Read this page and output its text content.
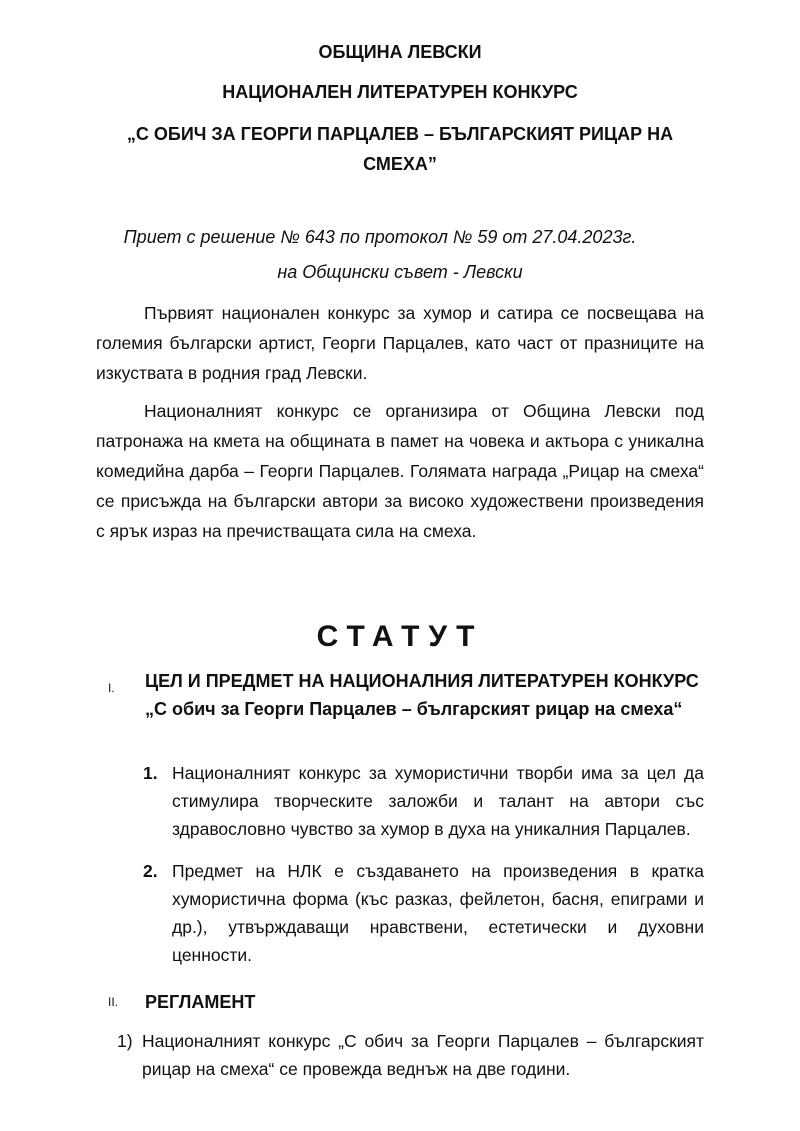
ОБЩИНА ЛЕВСКИ
НАЦИОНАЛЕН ЛИТЕРАТУРЕН КОНКУРС
„С ОБИЧ ЗА ГЕОРГИ ПАРЦАЛЕВ – БЪЛГАРСКИЯТ РИЦАР НА СМЕХА”
Приет с решение № 643 по протокол № 59 от 27.04.2023г.
на Общински съвет - Левски
Първият национален конкурс за хумор и сатира се посвещава на големия български артист, Георги Парцалев, като част от празниците на изкуствата в родния град Левски.
Националният конкурс се организира от Община Левски под патронажа на кмета на общината в памет на човека и актьора с уникална комедийна дарба – Георги Парцалев. Голямата награда „Рицар на смеха“ се присъжда на български автори за високо художествени произведения с ярък израз на пречистващата сила на смеха.
СТАТУТ
I. ЦЕЛ И ПРЕДМЕТ НА НАЦИОНАЛНИЯ ЛИТЕРАТУРЕН КОНКУРС „С обич за Георги Парцалев – българският рицар на смеха“
1. Националният конкурс за хумористични творби има за цел да стимулира творческите заложби и талант на автори със здравословно чувство за хумор в духа на уникалния Парцалев.
2. Предмет на НЛК е създаването на произведения в кратка хумористична форма (къс разказ, фейлетон, басня, епиграми и др.), утвърждаващи нравствени, естетически и духовни ценности.
II. РЕГЛАМЕНТ
1) Националният конкурс „С обич за Георги Парцалев – българският рицар на смеха“ се провежда веднъж на две години.
